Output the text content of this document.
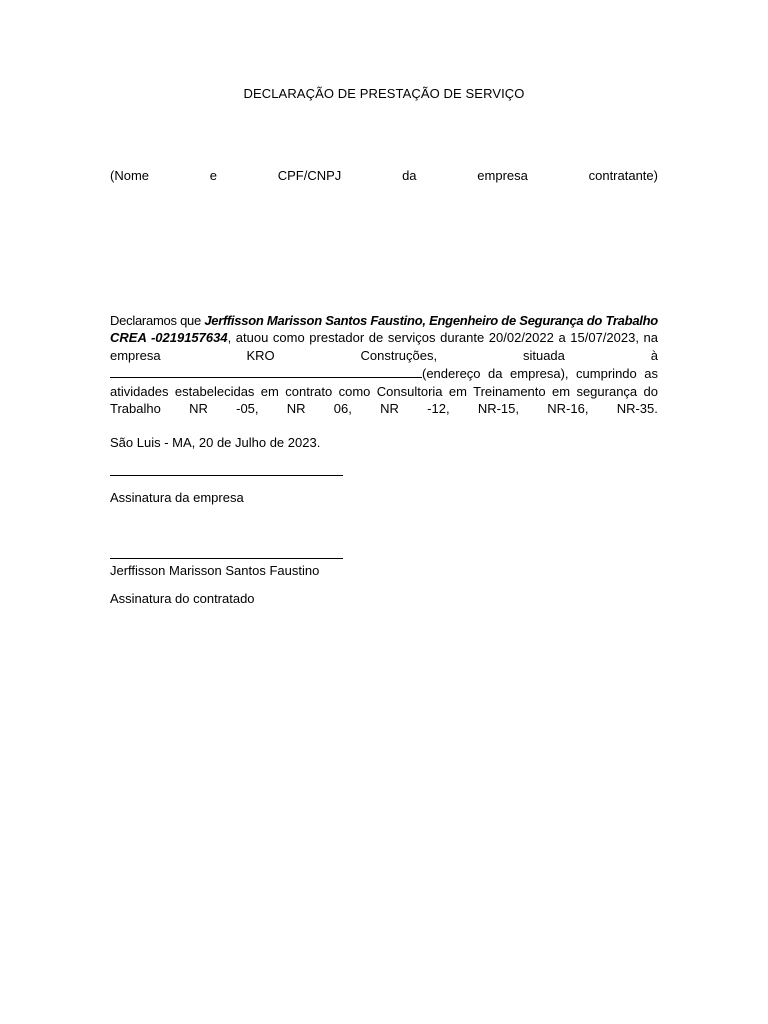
DECLARAÇÃO DE PRESTAÇÃO DE SERVIÇO
(Nome	e	CPF/CNPJ	da	empresa	contratante)
Declaramos que Jerffisson Marisson Santos Faustino, Engenheiro de Segurança do Trabalho
CREA -0219157634, atuou como prestador de serviços durante 20/02/2022 a 15/07/2023, na
empresa	KRO	Construções,	situada	à
(endereço da empresa), cumprindo as
atividades estabelecidas em contrato como Consultoria em Treinamento em segurança do
Trabalho NR -05, NR 06, NR -12, NR-15, NR-16, NR-35.
São Luis - MA, 20 de Julho de 2023.
Assinatura da empresa
Jerffisson Marisson Santos Faustino
Assinatura do contratado
